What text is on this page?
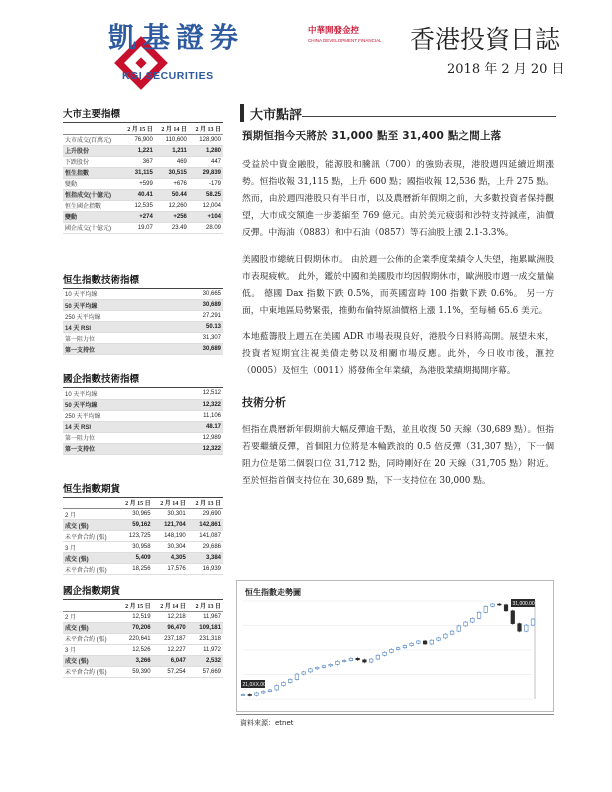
凱基證券
KGI SECURITIES
中華開發金控
CHINA DEVELOPMENT FINANCIAL 香港投資日誌
2018 年 2 月 20 日
大市主要指標
	2 月 15 日	2 月 14 日	2 月 13 日
大市成交(百萬元)	76,900	110,600	128,900
上升股份	1,221	1,211	1,280
下跌股份	367	469	447
恒生指數	31,115	30,515	29,839
變動	+599	+676	-179
恒指成交(十億元)	40.41	50.44	58.25
恒生國企指數	12,535	12,260	12,004
變動	+274	+256	+104
國企成交(十億元)	19.07	23.49	28.09
恒生指數技術指標
10 天平均線	30,665
50 天平均線	30,689
250 天平均線	27,291
14 天 RSI	50.13
第一阻力位	31,307
第一支持位	30,689
國企指數技術指標
10 天平均線	12,512
50 天平均線	12,322
250 天平均線	11,106
14 天 RSI	48.17
第一阻力位	12,989
第一支持位	12,322
恒生指數期貨
	2 月 15 日	2 月 14 日	2 月 13 日
2 月	30,965	30,301	29,690
成交 (張)	59,162	121,704	142,861
未平倉合約 (張)	123,725	148,190	141,087
3 月	30,958	30,304	29,686
成交 (張)	5,409	4,305	3,384
未平倉合約 (張)	18,256	17,576	16,939
國企指數期貨
	2 月 15 日	2 月 14 日	2 月 13 日
2 月	12,519	12,218	11,967
成交 (張)	70,206	96,470	109,181
未平倉合約 (張)	220,641	237,187	231,318
3 月	12,526	12,227	11,972
成交 (張)	3,266	6,047	2,532
未平倉合約 (張)	59,390	57,254	57,669
大市點評
預期恒指今天將於 31,000 點至 31,400 點之間上落

受益於中資金融股，能源股和騰訊（700）的強勁表現，港股週四延續近期漲勢。恒指收報 31,115 點，上升 600 點；國指收報 12,536 點，上升 275 點。然而，由於週四港股只有半日市，以及農曆新年假期之前，大多數投資者保持觀望，大市成交額進一步萎縮至 769 億元。由於美元疲弱和沙特支持減產，油價反彈。中海油（0883）和中石油（0857）等石油股上漲 2.1-3.3%。

美國股市總統日假期休市。 由於週一公佈的企業季度業績令人失望，拖累歐洲股市表現疲軟。 此外，鑑於中國和美國股市均因假期休市，歐洲股市週一成交量偏低。 德國 Dax 指數下跌 0.5%，而英國富時 100 指數下跌 0.6%。 另一方面，中東地區局勢緊張，推動布倫特原油價格上漲 1.1%，至每桶 65.6 美元。

本地藍籌股上週五在美國 ADR 市場表現良好，港股今日料將高開。展望未來，投資者短期宜注視美債走勢以及相關市場反應。此外，今日收市後，滙控（0005）及恒生（0011）將發佈全年業績，為港股業績期揭開序幕。

技術分析

恒指在農曆新年假期前大幅反彈逾千點，並且收復 50 天線（30,689 點）。恒指若要繼續反彈，首個阻力位將是本輪跌浪的 0.5 倍反彈（31,307 點），下一個阻力位是第二個裂口位 31,712 點，同時剛好在 20 天線（31,705 點）附近。至於恒指首個支持位在 30,689 點，下一支持位在 30,000 點。

31,000.00
21,0XX.00
恒生指數走勢圖
資料來源：etnet
